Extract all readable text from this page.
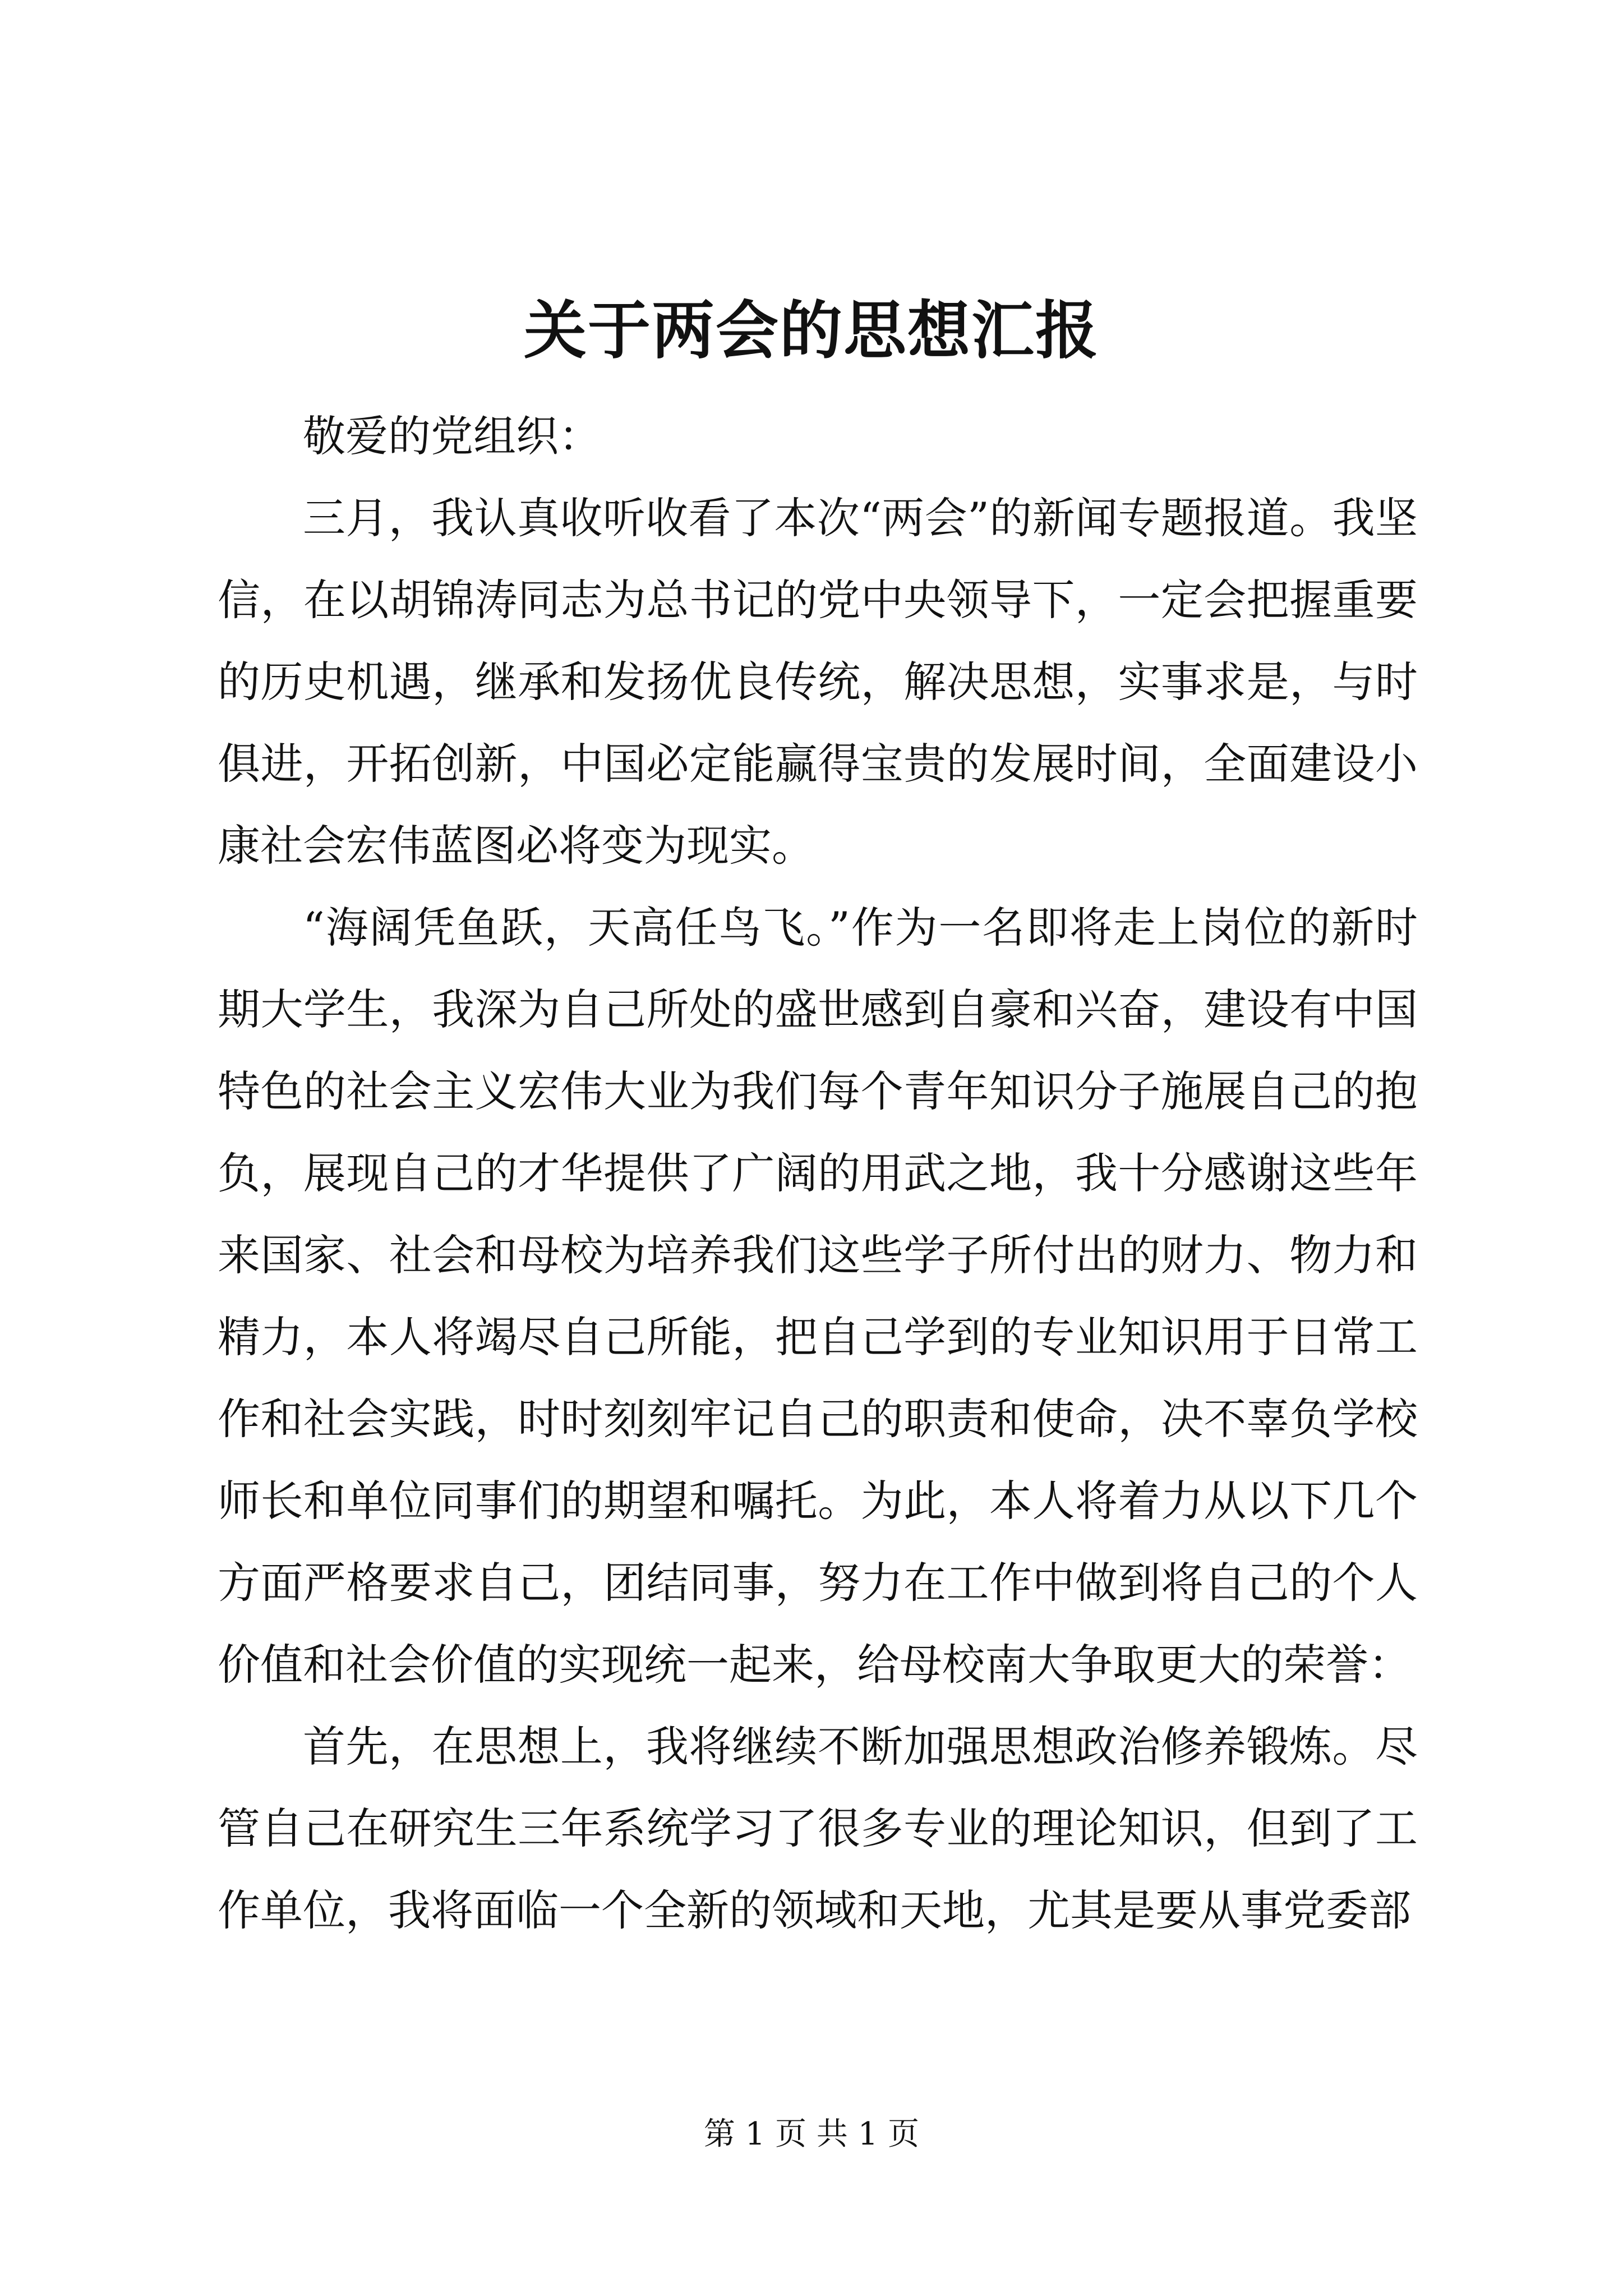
关于两会的思想汇报

敬爱的党组织：

三月，我认真收听收看了本次“两会”的新闻专题报道。我坚信，在以胡锦涛同志为总书记的党中央领导下，一定会把握重要的历史机遇，继承和发扬优良传统，解决思想，实事求是，与时俱进，开拓创新，中国必定能赢得宝贵的发展时间，全面建设小康社会宏伟蓝图必将变为现实。

“海阔凭鱼跃，天高任鸟飞。”作为一名即将走上岗位的新时期大学生，我深为自己所处的盛世感到自豪和兴奋，建设有中国特色的社会主义宏伟大业为我们每个青年知识分子施展自己的抱负，展现自己的才华提供了广阔的用武之地，我十分感谢这些年来国家、社会和母校为培养我们这些学子所付出的财力、物力和精力，本人将竭尽自己所能，把自己学到的专业知识用于日常工作和社会实践，时时刻刻牢记自己的职责和使命，决不辜负学校师长和单位同事们的期望和嘱托。为此，本人将着力从以下几个方面严格要求自己，团结同事，努力在工作中做到将自己的个人价值和社会价值的实现统一起来，给母校南大争取更大的荣誉：

首先，在思想上，我将继续不断加强思想政治修养锻炼。尽管自己在研究生三年系统学习了很多专业的理论知识，但到了工作单位，我将面临一个全新的领域和天地，尤其是要从事党委部

第 1 页 共 1 页
